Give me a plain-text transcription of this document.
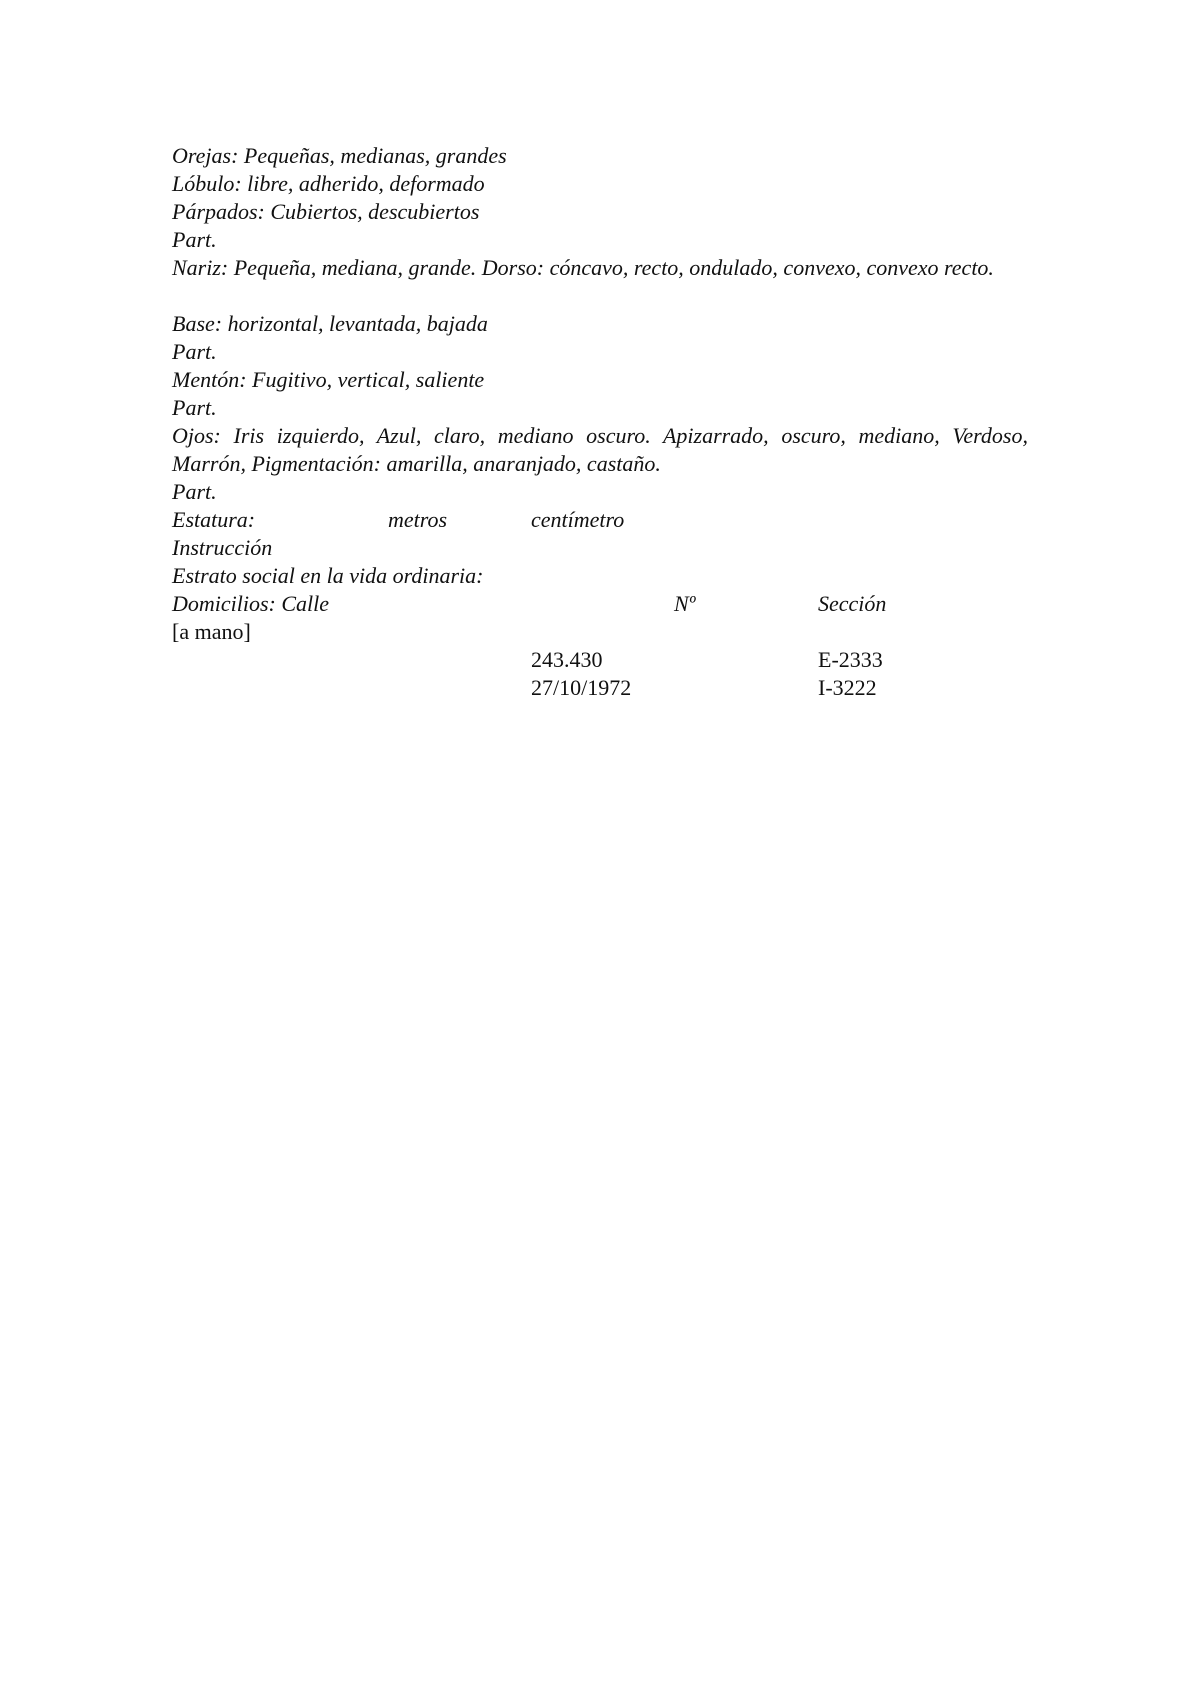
Orejas: Pequeñas, medianas, grandes
Lóbulo: libre, adherido, deformado
Párpados: Cubiertos, descubiertos
Part.
Nariz: Pequeña, mediana, grande. Dorso: cóncavo, recto, ondulado, convexo, convexo recto.
Base: horizontal, levantada, bajada
Part.
Mentón: Fugitivo, vertical, saliente
Part.
Ojos: Iris izquierdo, Azul, claro, mediano oscuro. Apizarrado, oscuro, mediano, Verdoso, Marrón, Pigmentación: amarilla, anaranjado, castaño.
Part.
Estatura:	metros	centímetro
Instrucción
Estrato social en la vida ordinaria:
Domicilios: Calle	Nº	Sección
[a mano]
243.430	E-2333
27/10/1972	I-3222
